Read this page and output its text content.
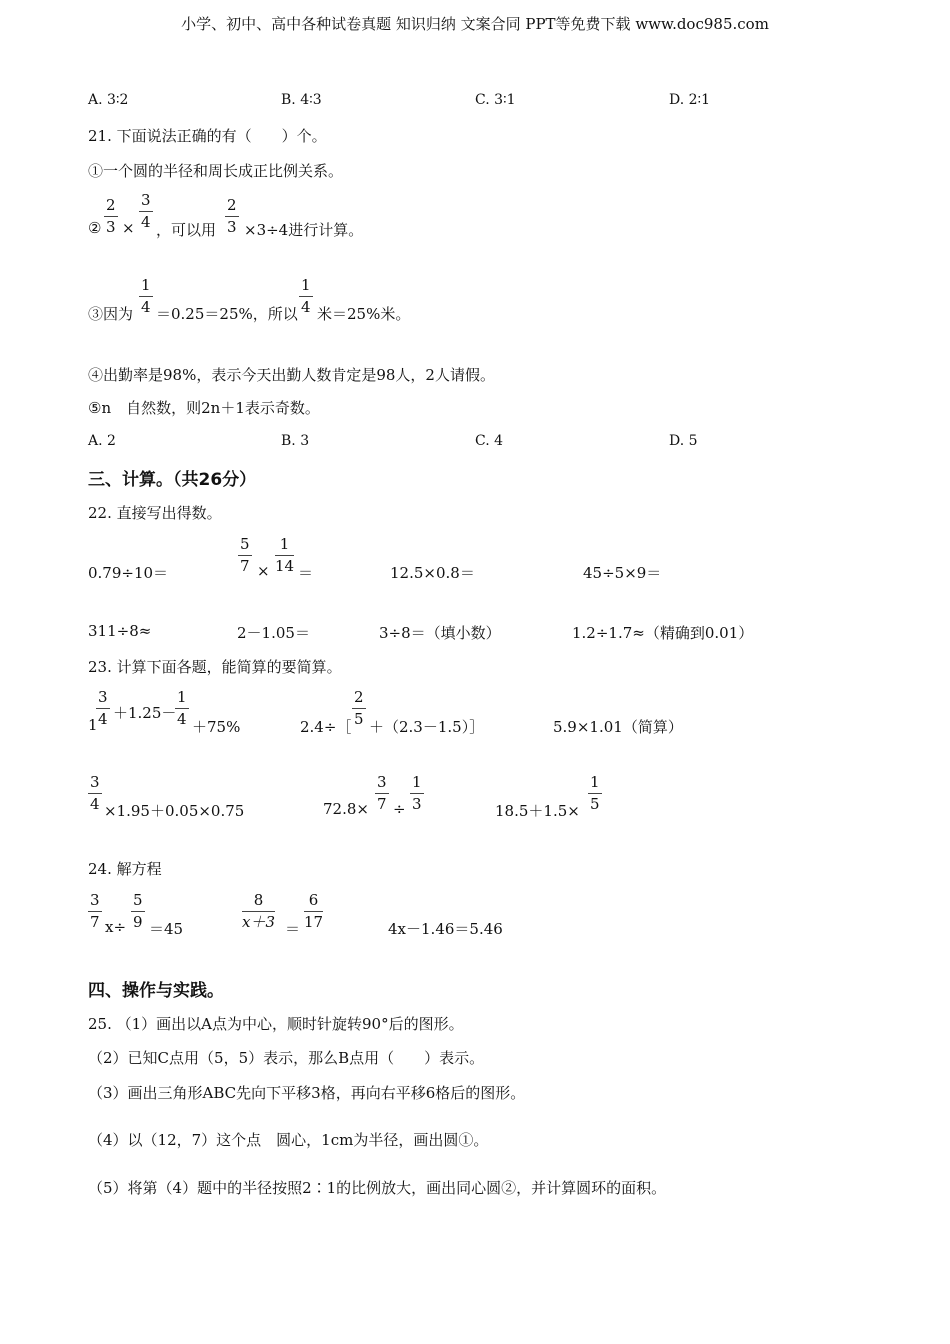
小学、初中、高中各种试卷真题 知识归纳 文案合同 PPT等免费下载 www.doc985.com
A. 3∶2	B. 4∶3	C. 3∶1	D. 2∶1
21. 下面说法正确的有（　　）个。
①一个圆的半径和周长成正比例关系。
②
2
3 ×
3
4 ，可以用
2
3 ×3÷4进行计算。
③因为
1
4 ＝0.25＝25%，所以
1
4 米＝25%米。
④出勤率是98%，表示今天出勤人数肯定是98人，2人请假。
⑤n　自然数，则2n＋1表示奇数。
A. 2	B. 3	C. 4	D. 5
三、计算。（共26分）
22. 直接写出得数。
0.79÷10＝
5
7 ×
1
14 ＝	12.5×0.8＝	45÷5×9＝
311÷8≈	2－1.05＝	3÷8＝（填小数）	1.2÷1.7≈（精确到0.01）
23. 计算下面各题，能简算的要简算。
1
3
4 ＋1.25－
1
4 ＋75%	2.4÷［
2
5 ＋（2.3－1.5）］	5.9×1.01（简算）
3
4 ×1.95＋0.05×0.75	72.8×
3
7 ÷
1
3	18.5＋1.5×
1
5
24. 解方程
3
7 x÷
5
9 ＝45
8
x＋3 ＝
6
17	4x－1.46＝5.46
四、操作与实践。
25. （1）画出以A点为中心，顺时针旋转90°后的图形。
（2）已知C点用（5，5）表示，那么B点用（　　）表示。
（3）画出三角形ABC先向下平移3格，再向右平移6格后的图形。
（4）以（12，7）这个点　圆心，1cm为半径，画出圆①。
（5）将第（4）题中的半径按照2∶1的比例放大，画出同心圆②，并计算圆环的面积。
